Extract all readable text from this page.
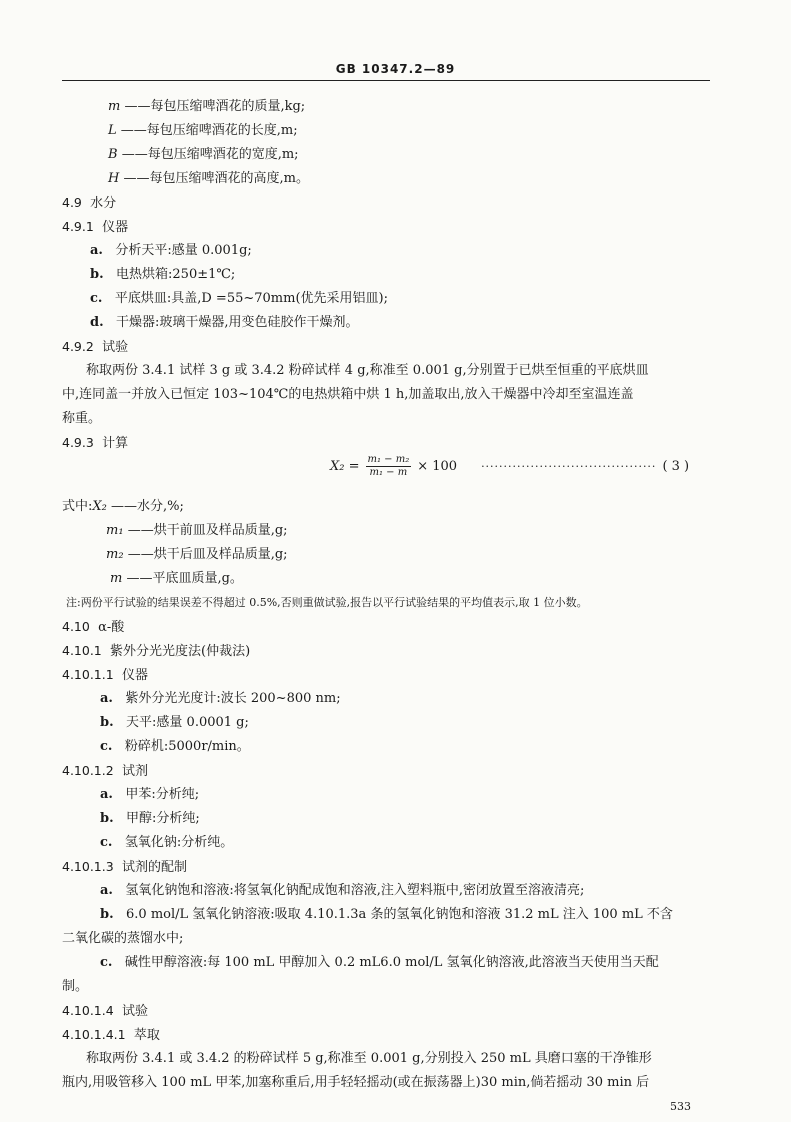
GB 10347.2—89
m ——每包压缩啤酒花的质量,kg;
L ——每包压缩啤酒花的长度,m;
B ——每包压缩啤酒花的宽度,m;
H ——每包压缩啤酒花的高度,m。
4.9 水分
4.9.1 仪器
a. 分析天平:感量 0.001g;
b. 电热烘箱:250±1℃;
c. 平底烘皿:具盖,D =55~70mm(优先采用铝皿);
d. 干燥器:玻璃干燥器,用变色硅胶作干燥剂。
4.9.2 试验
称取两份 3.4.1 试样 3 g 或 3.4.2 粉碎试样 4 g,称准至 0.001 g,分别置于已烘至恒重的平底烘皿
中,连同盖一并放入已恒定 103~104℃的电热烘箱中烘 1 h,加盖取出,放入干燥器中冷却至室温连盖
称重。
4.9.3 计算
$X_2 = \frac{\text{m₁ − m₂}}{\text{m₁ − m}} \times 100$ ······································· ( 3 )
式中:X₂ ——水分,%;
m₁ ——烘干前皿及样品质量,g;
m₂ ——烘干后皿及样品质量,g;
m ——平底皿质量,g。
注:两份平行试验的结果误差不得超过 0.5%,否则重做试验,报告以平行试验结果的平均值表示,取 1 位小数。
4.10 α-酸
4.10.1 紫外分光光度法(仲裁法)
4.10.1.1 仪器
a. 紫外分光光度计:波长 200~800 nm;
b. 天平:感量 0.0001 g;
c. 粉碎机:5000r/min。
4.10.1.2 试剂
a. 甲苯:分析纯;
b. 甲醇:分析纯;
c. 氢氧化钠:分析纯。
4.10.1.3 试剂的配制
a. 氢氧化钠饱和溶液:将氢氧化钠配成饱和溶液,注入塑料瓶中,密闭放置至溶液清亮;
b. 6.0 mol/L 氢氧化钠溶液:吸取 4.10.1.3a 条的氢氧化钠饱和溶液 31.2 mL 注入 100 mL 不含
二氧化碳的蒸馏水中;
c. 碱性甲醇溶液:每 100 mL 甲醇加入 0.2 mL6.0 mol/L 氢氧化钠溶液,此溶液当天使用当天配
制。
4.10.1.4 试验
4.10.1.4.1 萃取
称取两份 3.4.1 或 3.4.2 的粉碎试样 5 g,称准至 0.001 g,分别投入 250 mL 具磨口塞的干净锥形
瓶内,用吸管移入 100 mL 甲苯,加塞称重后,用手轻轻摇动(或在振荡器上)30 min,倘若摇动 30 min 后
533
